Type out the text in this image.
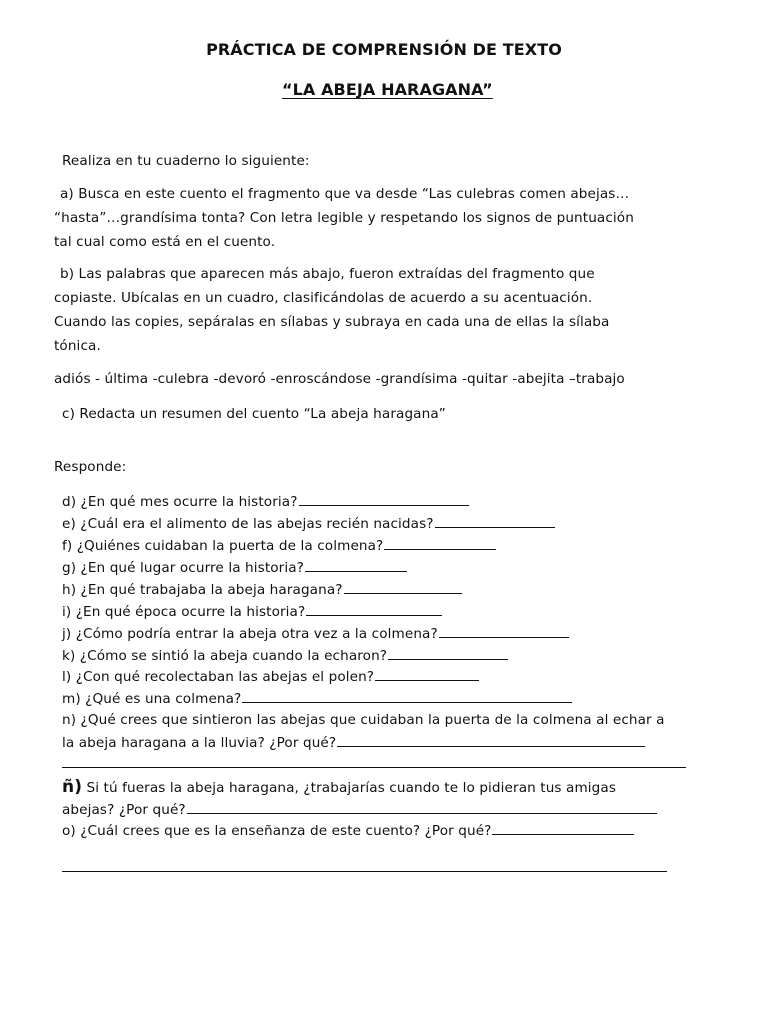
PRÁCTICA DE COMPRENSIÓN DE TEXTO
“LA ABEJA HARAGANA”
Realiza en tu cuaderno lo siguiente:
a) Busca en este cuento el fragmento que va desde “Las culebras comen abejas…
“hasta”…grandísima tonta? Con letra legible y respetando los signos de puntuación
tal cual como está en el cuento.
b) Las palabras que aparecen más abajo, fueron extraídas del fragmento que
copiaste. Ubícalas en un cuadro, clasificándolas de acuerdo a su acentuación.
Cuando las copies, sepáralas en sílabas y subraya en cada una de ellas la sílaba
tónica.
adiós - última -culebra -devoró -enroscándose -grandísima -quitar -abejita –trabajo
c) Redacta un resumen del cuento “La abeja haragana”
Responde:
d) ¿En qué mes ocurre la historia?
e) ¿Cuál era el alimento de las abejas recién nacidas?
f) ¿Quiénes cuidaban la puerta de la colmena?
g) ¿En qué lugar ocurre la historia?
h) ¿En qué trabajaba la abeja haragana?
i) ¿En qué época ocurre la historia?
j) ¿Cómo podría entrar la abeja otra vez a la colmena?
k) ¿Cómo se sintió la abeja cuando la echaron?
l) ¿Con qué recolectaban las abejas el polen?
m) ¿Qué es una colmena?
n) ¿Qué crees que sintieron las abejas que cuidaban la puerta de la colmena al echar a
la abeja haragana a la lluvia? ¿Por qué?
ñ) Si tú fueras la abeja haragana, ¿trabajarías cuando te lo pidieran tus amigas
abejas? ¿Por qué?
o) ¿Cuál crees que es la enseñanza de este cuento? ¿Por qué?
